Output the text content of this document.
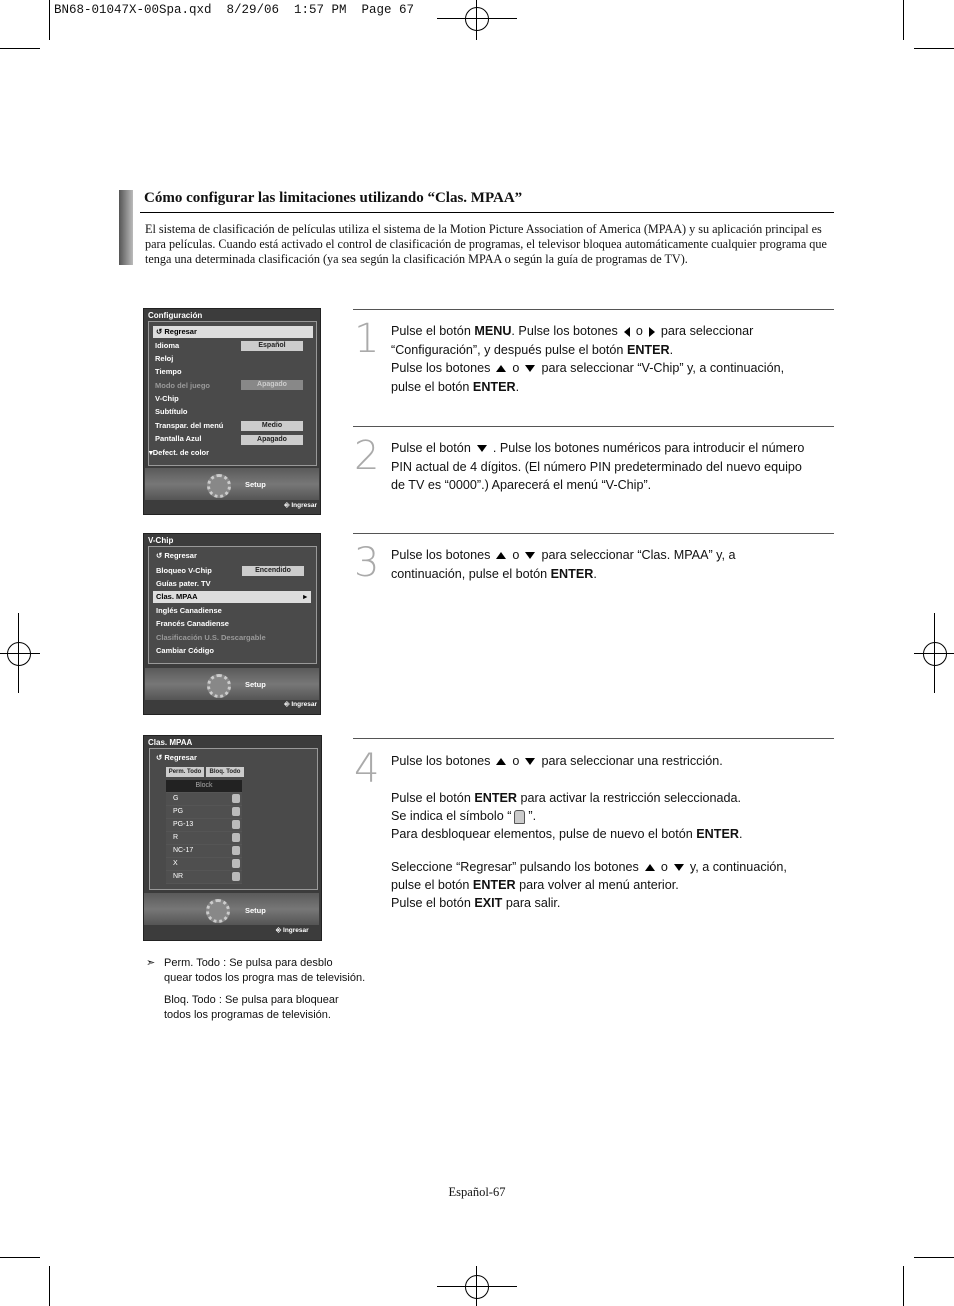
BN68-01047X-00Spa.qxd  8/29/06  1:57 PM  Page 67
Cómo configurar las limitaciones utilizando “Clas. MPAA”
El sistema de clasificación de películas utiliza el sistema de la Motion Picture Association of America (MPAA) y su aplicación principal es para películas. Cuando está activado el control de clasificación de programas, el televisor bloquea automáticamente cualquier programa que tenga una determinada clasificación (ya sea según la clasificación MPAA o según la guía de programas de TV).
Configuración
↺ Regresar
Idioma
Reloj
Tiempo
Modo del juego
V-Chip
Subtítulo
Transpar. del menú
Pantalla Azul
▾Defect. de color
Español
Apagado
Medio
Apagado
Setup
⎆ Ingresar
V-Chip
↺ Regresar
Bloqueo V-Chip
Guías pater. TV
Clas. MPAA	▸
Inglés Canadiense
Francés Canadiense
Clasificación U.S. Descargable
Cambiar Código
Encendido
Setup
⎆ Ingresar
Clas. MPAA
↺ Regresar
Perm. Todo	Bloq. Todo
Block
G
PG
PG-13
R
NC-17
X
NR
Setup
⎆ Ingresar
1 Pulse el botón MENU. Pulse los botones o para seleccionar
“Configuración”, y después pulse el botón ENTER.
Pulse los botones o para seleccionar “V-Chip” y, a continuación,
pulse el botón ENTER.
2 Pulse el botón . Pulse los botones numéricos para introducir el número
PIN actual de 4 dígitos. (El número PIN predeterminado del nuevo equipo
de TV es “0000”.) Aparecerá el menú “V-Chip”.
3 Pulse los botones o para seleccionar “Clas. MPAA” y, a
continuación, pulse el botón ENTER.
4 Pulse los botones o para seleccionar una restricción.
Pulse el botón ENTER para activar la restricción seleccionada.
Se indica el símbolo “ ”.
Para desbloquear elementos, pulse de nuevo el botón ENTER.
Seleccione “Regresar” pulsando los botones o y, a continuación,
pulse el botón ENTER para volver al menú anterior.
Pulse el botón EXIT para salir.
➣ Perm. Todo : Se pulsa para desblo
quear todos los progra mas de televisión.
Bloq. Todo : Se pulsa para bloquear
todos los programas de televisión.
Español-67
